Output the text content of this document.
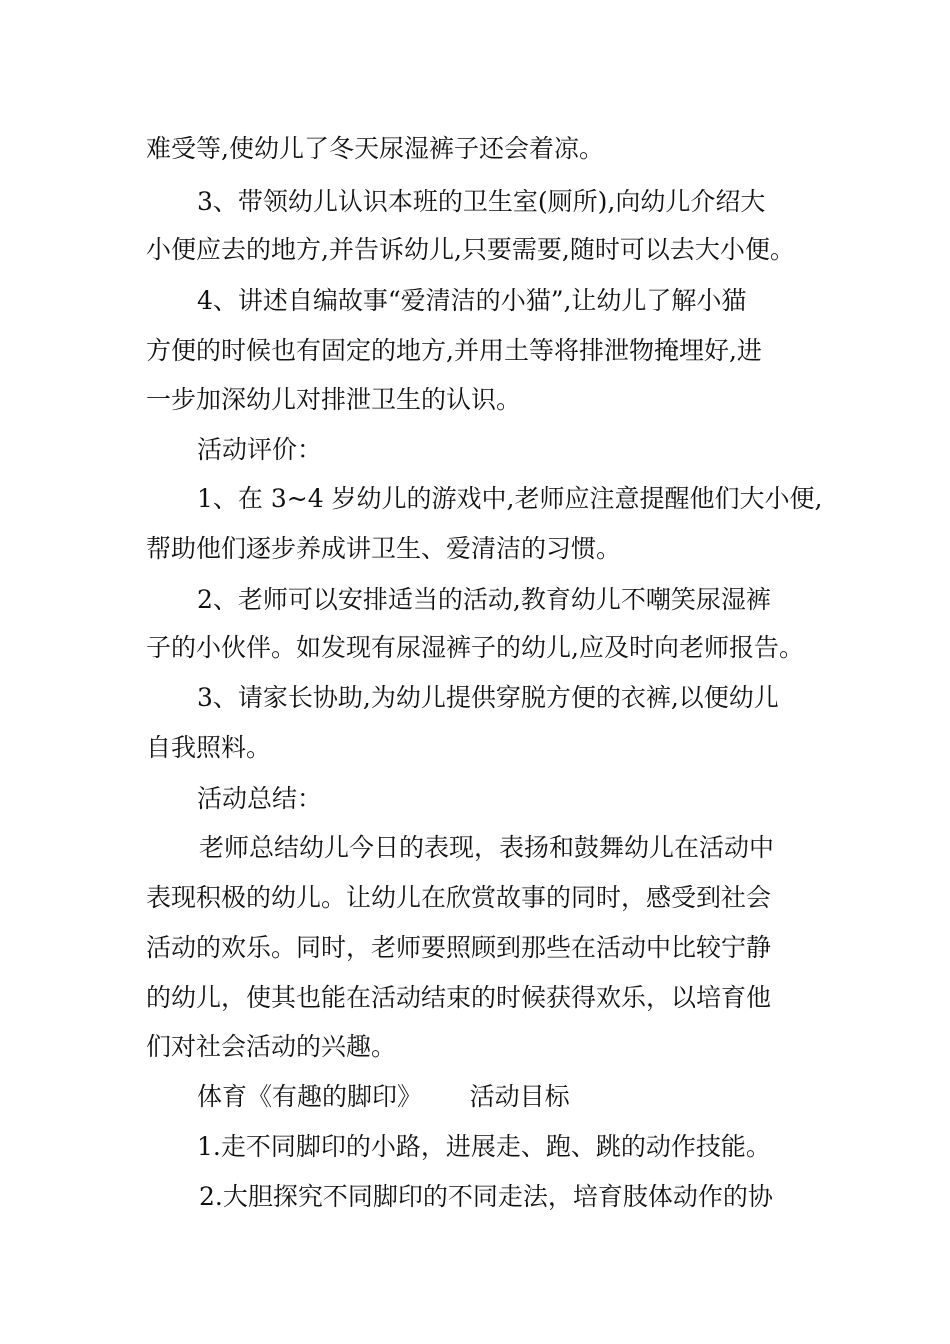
难受等,使幼儿了冬天尿湿裤子还会着凉。

3、带领幼儿认识本班的卫生室(厕所),向幼儿介绍大

小便应去的地方,并告诉幼儿,只要需要,随时可以去大小便。

4、讲述自编故事“爱清洁的小猫”,让幼儿了解小猫

方便的时候也有固定的地方,并用土等将排泄物掩埋好,进

一步加深幼儿对排泄卫生的认识。

活动评价：

1、在 3~4 岁幼儿的游戏中,老师应注意提醒他们大小便,

帮助他们逐步养成讲卫生、爱清洁的习惯。

2、老师可以安排适当的活动,教育幼儿不嘲笑尿湿裤

子的小伙伴。如发现有尿湿裤子的幼儿,应及时向老师报告。

3、请家长协助,为幼儿提供穿脱方便的衣裤,以便幼儿

自我照料。

活动总结：

老师总结幼儿今日的表现，表扬和鼓舞幼儿在活动中

表现积极的幼儿。让幼儿在欣赏故事的同时，感受到社会

活动的欢乐。同时，老师要照顾到那些在活动中比较宁静

的幼儿，使其也能在活动结束的时候获得欢乐，以培育他

们对社会活动的兴趣。

体育《有趣的脚印》      活动目标

1.走不同脚印的小路，进展走、跑、跳的动作技能。

2.大胆探究不同脚印的不同走法，培育肢体动作的协
